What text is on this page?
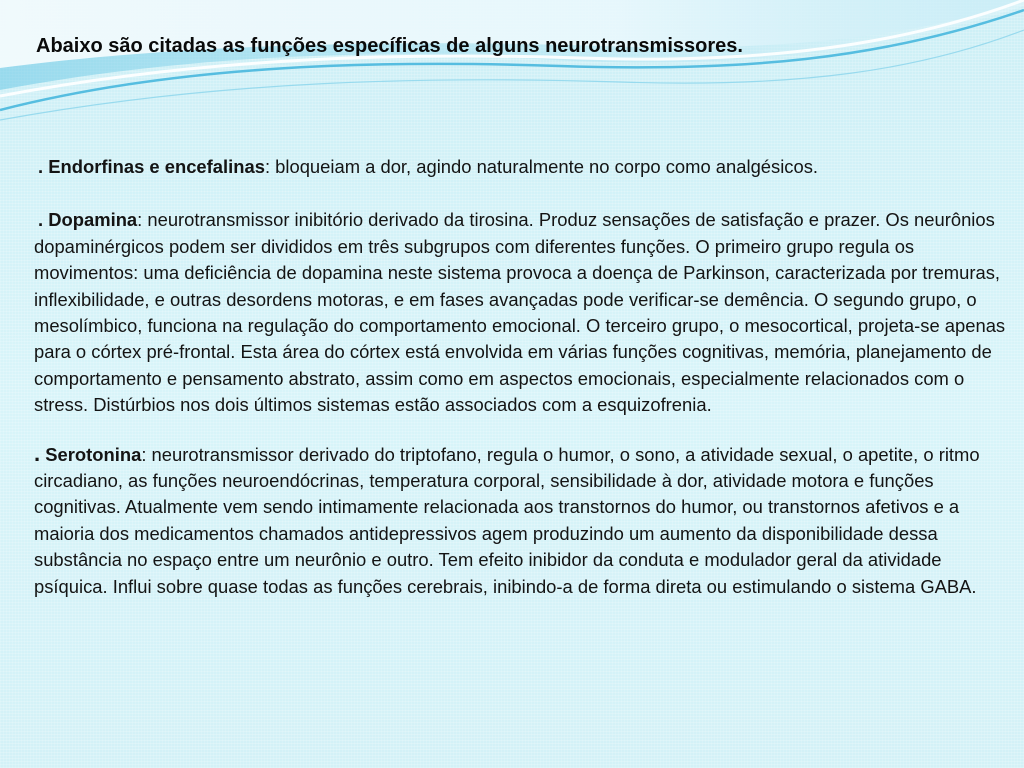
Abaixo são citadas as funções específicas de alguns neurotransmissores.

. Endorfinas e encefalinas: bloqueiam a dor, agindo naturalmente no corpo como analgésicos.

. Dopamina: neurotransmissor inibitório derivado da tirosina. Produz sensações de satisfação e prazer. Os neurônios dopaminérgicos podem ser divididos em três subgrupos com diferentes funções. O primeiro grupo regula os movimentos: uma deficiência de dopamina neste sistema provoca a doença de Parkinson, caracterizada por tremuras, inflexibilidade, e outras desordens motoras, e em fases avançadas pode verificar-se demência. O segundo grupo, o mesolímbico, funciona na regulação do comportamento emocional. O terceiro grupo, o mesocortical, projeta-se apenas para o córtex pré-frontal. Esta área do córtex está envolvida em várias funções cognitivas, memória, planejamento de comportamento e pensamento abstrato, assim como em aspectos emocionais, especialmente relacionados com o stress. Distúrbios nos dois últimos sistemas estão associados com a esquizofrenia.

. Serotonina: neurotransmissor derivado do triptofano, regula o humor, o sono, a atividade sexual, o apetite, o ritmo circadiano, as funções neuroendócrinas, temperatura corporal, sensibilidade à dor, atividade motora e funções cognitivas. Atualmente vem sendo intimamente relacionada aos transtornos do humor, ou transtornos afetivos e a maioria dos medicamentos chamados antidepressivos agem produzindo um aumento da disponibilidade dessa substância no espaço entre um neurônio e outro. Tem efeito inibidor da conduta e modulador geral da atividade psíquica. Influi sobre quase todas as funções cerebrais, inibindo-a de forma direta ou estimulando o sistema GABA.
